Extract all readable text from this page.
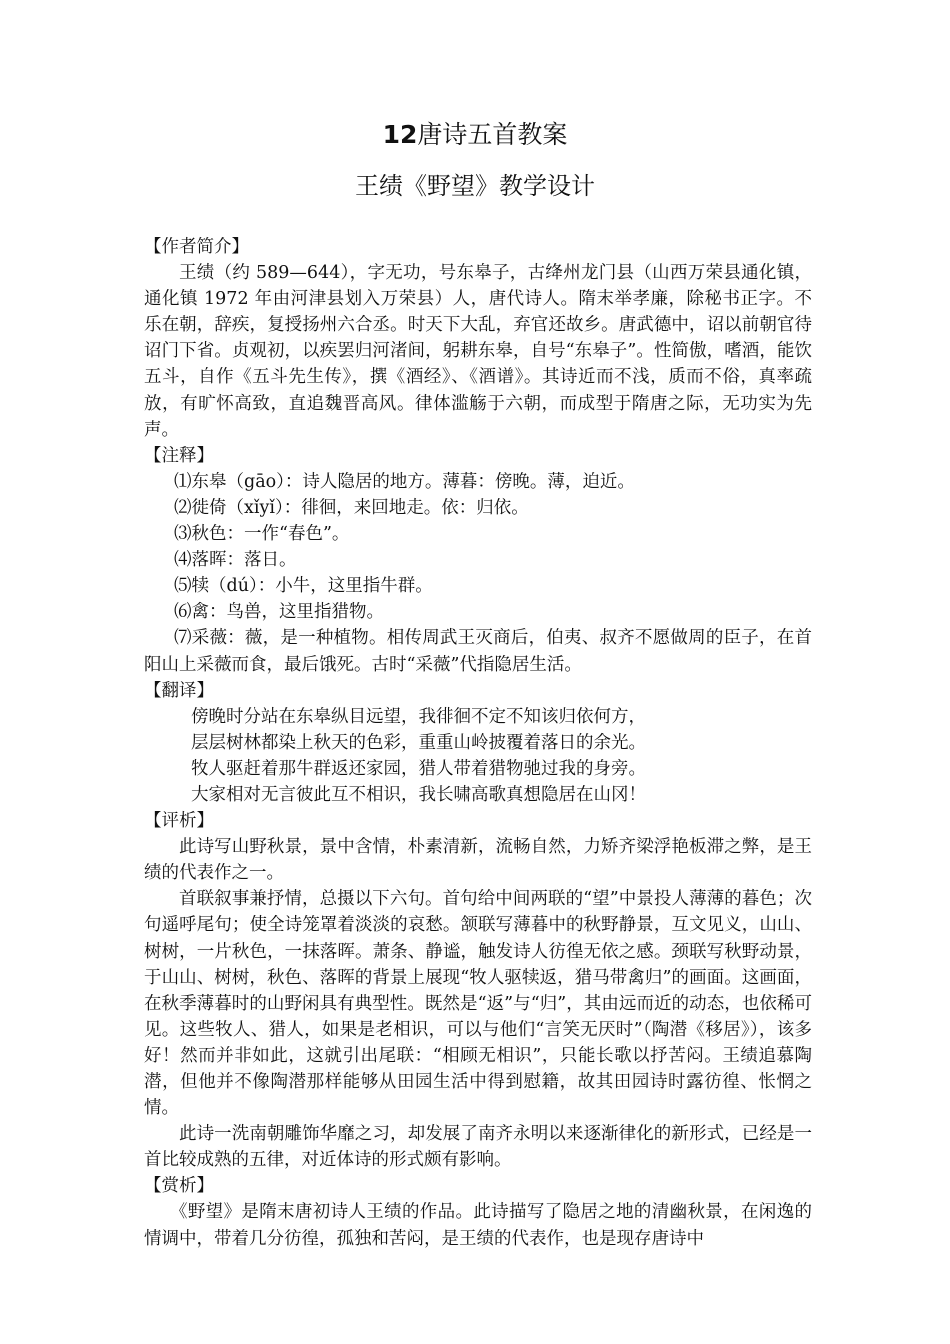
12唐诗五首教案
王绩《野望》教学设计

【作者简介】

王绩（约 589—644），字无功，号东皋子，古绛州龙门县（山西万荣县通化镇，通化镇 1972 年由河津县划入万荣县）人，唐代诗人。隋末举孝廉，除秘书正字。不乐在朝，辞疾，复授扬州六合丞。时天下大乱，弃官还故乡。唐武德中，诏以前朝官待诏门下省。贞观初，以疾罢归河渚间，躬耕东皋，自号“东皋子”。性简傲，嗜酒，能饮五斗，自作《五斗先生传》，撰《酒经》、《酒谱》。其诗近而不浅，质而不俗，真率疏放，有旷怀高致，直追魏晋高风。律体滥觞于六朝，而成型于隋唐之际，无功实为先声。

【注释】

⑴东皋（gāo）：诗人隐居的地方。薄暮：傍晚。薄，迫近。

⑵徙倚（xǐyǐ）：徘徊，来回地走。依：归依。

⑶秋色：一作“春色”。

⑷落晖：落日。

⑸犊（dú）：小牛，这里指牛群。

⑹禽：鸟兽，这里指猎物。

⑺采薇：薇，是一种植物。相传周武王灭商后，伯夷、叔齐不愿做周的臣子，在首阳山上采薇而食，最后饿死。古时“采薇”代指隐居生活。

【翻译】

傍晚时分站在东皋纵目远望，我徘徊不定不知该归依何方，

层层树林都染上秋天的色彩，重重山岭披覆着落日的余光。

牧人驱赶着那牛群返还家园，猎人带着猎物驰过我的身旁。

大家相对无言彼此互不相识，我长啸高歌真想隐居在山冈！

【评析】

此诗写山野秋景，景中含情，朴素清新，流畅自然，力矫齐梁浮艳板滞之弊，是王绩的代表作之一。

首联叙事兼抒情，总摄以下六句。首句给中间两联的“望”中景投人薄薄的暮色；次句遥呼尾句；使全诗笼罩着淡淡的哀愁。颔联写薄暮中的秋野静景，互文见义，山山、树树，一片秋色，一抹落晖。萧条、静谧，触发诗人彷徨无依之感。颈联写秋野动景，于山山、树树，秋色、落晖的背景上展现“牧人驱犊返，猎马带禽归”的画面。这画面，在秋季薄暮时的山野闲具有典型性。既然是“返”与“归”，其由远而近的动态，也依稀可见。这些牧人、猎人，如果是老相识，可以与他们“言笑无厌时”（陶潜《移居》），该多好！然而并非如此，这就引出尾联：“相顾无相识”，只能长歌以抒苦闷。王绩追慕陶潜，但他并不像陶潜那样能够从田园生活中得到慰籍，故其田园诗时露彷徨、怅惘之情。

此诗一洗南朝雕饰华靡之习，却发展了南齐永明以来逐渐律化的新形式，已经是一首比较成熟的五律，对近体诗的形式颇有影响。

【赏析】

《野望》是隋末唐初诗人王绩的作品。此诗描写了隐居之地的清幽秋景，在闲逸的情调中，带着几分彷徨，孤独和苦闷，是王绩的代表作，也是现存唐诗中
